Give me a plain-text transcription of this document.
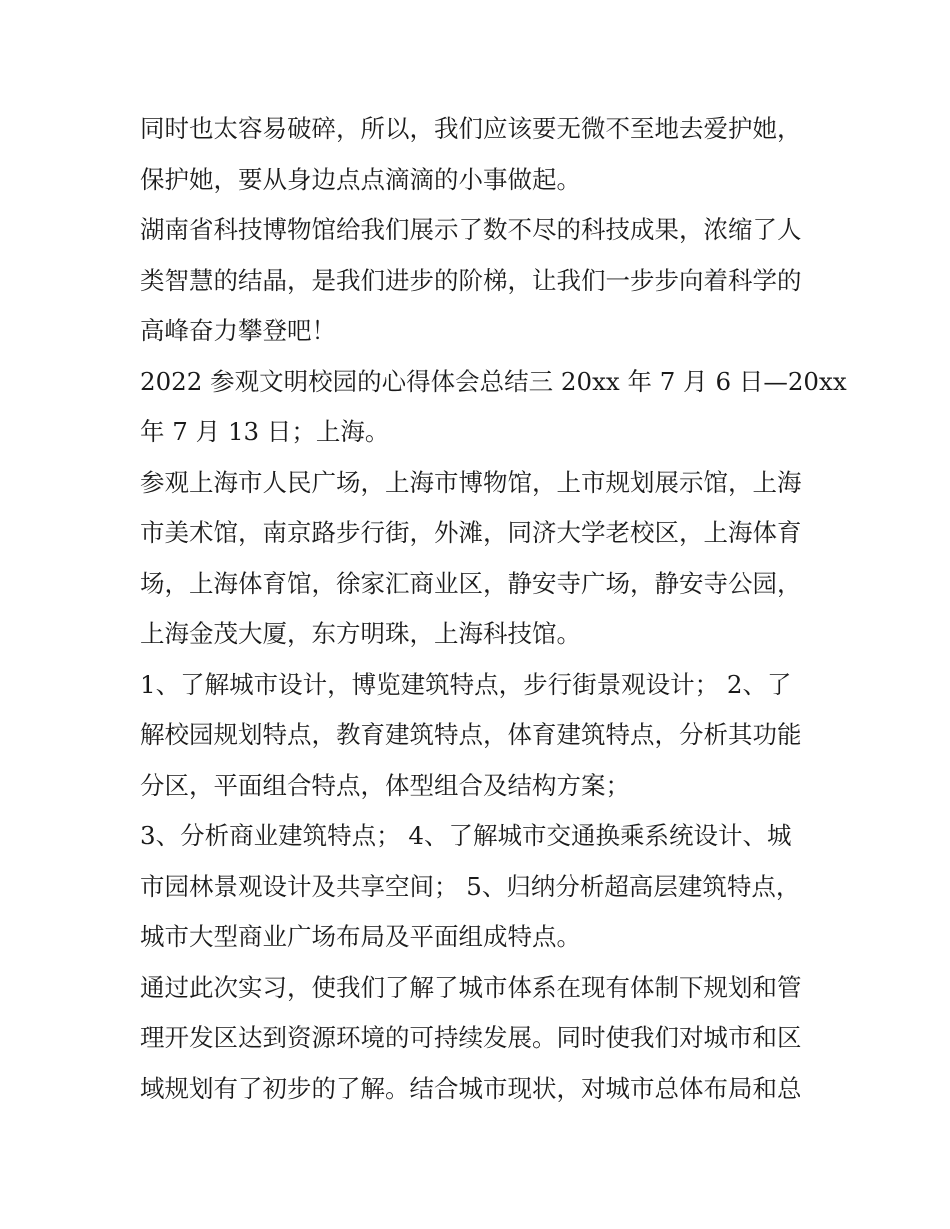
同时也太容易破碎，所以，我们应该要无微不至地去爱护她，
保护她，要从身边点点滴滴的小事做起。
湖南省科技博物馆给我们展示了数不尽的科技成果，浓缩了人
类智慧的结晶，是我们进步的阶梯，让我们一步步向着科学的
高峰奋力攀登吧！
2022 参观文明校园的心得体会总结三 20xx 年 7 月 6 日—20xx
年 7 月 13 日；上海。
参观上海市人民广场，上海市博物馆，上市规划展示馆，上海
市美术馆，南京路步行街，外滩，同济大学老校区，上海体育
场，上海体育馆，徐家汇商业区，静安寺广场，静安寺公园，
上海金茂大厦，东方明珠，上海科技馆。
1、了解城市设计，博览建筑特点，步行街景观设计； 2、了
解校园规划特点，教育建筑特点，体育建筑特点，分析其功能
分区，平面组合特点，体型组合及结构方案；
3、分析商业建筑特点； 4、了解城市交通换乘系统设计、城
市园林景观设计及共享空间； 5、归纳分析超高层建筑特点，
城市大型商业广场布局及平面组成特点。
通过此次实习，使我们了解了城市体系在现有体制下规划和管
理开发区达到资源环境的可持续发展。同时使我们对城市和区
域规划有了初步的了解。结合城市现状，对城市总体布局和总
